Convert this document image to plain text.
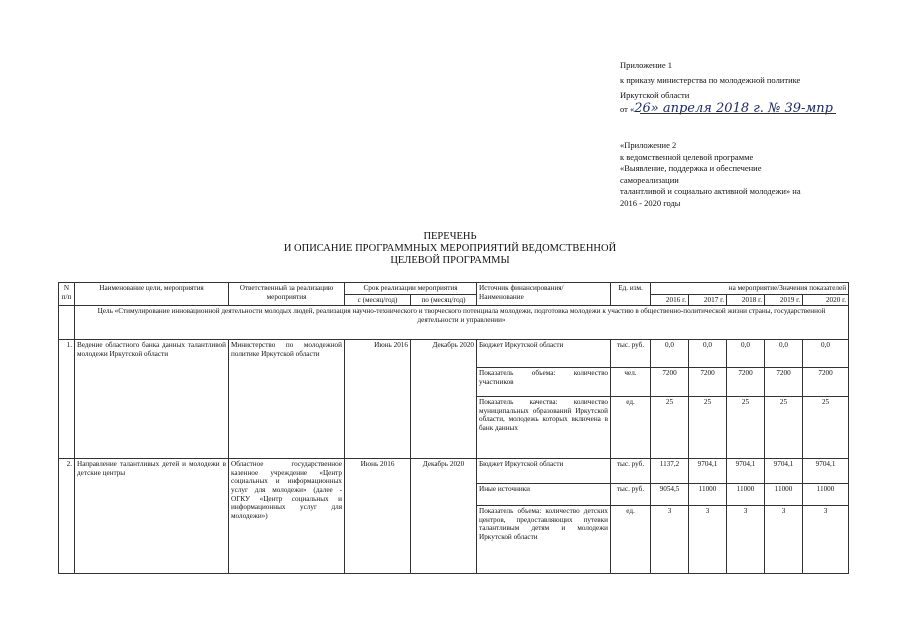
Приложение 1
к приказу министерства по молодежной политике
Иркутской области
от «26» апреля 2018 г. № 39-мпр
«Приложение 2
к ведомственной целевой программе
«Выявление, поддержка и обеспечение
самореализации
талантливой и социально активной молодежи» на
2016 - 2020 годы
ПЕРЕЧЕНЬ
И ОПИСАНИЕ ПРОГРАММНЫХ МЕРОПРИЯТИЙ ВЕДОМСТВЕННОЙ
ЦЕЛЕВОЙ ПРОГРАММЫ
N п/п	Наименование цели, мероприятия	Ответственный за реализацию мероприятия	Срок реализации мероприятия		Источник финансирования/Наименование	Ед. изм.	на мероприятие/Значения показателей				
			с (месяц/год)	по (месяц/год)			2016 г.	2017 г.	2018 г.	2019 г.	2020 г.
	Цель «Стимулирование инновационной деятельности молодых людей, реализация научно-технического и творческого потенциала молодежи, подготовка молодежи к участию в общественно-политической жизни страны, государственной деятельности и управлении»										
1.	Ведение областного банка данных талантливой молодежи Иркутской области	Министерство по молодежной политике Иркутской области	Июнь 2016	Декабрь 2020	Бюджет Иркутской области	тыс. руб.	0,0	0,0	0,0	0,0	0,0
					Показатель объема: количество участников	чел.	7200	7200	7200	7200	7200
					Показатель качества: количество муниципальных образований Иркутской области, молодежь которых включена в банк данных	ед.	25	25	25	25	25
2.	Направление талантливых детей и молодежи в детские центры	Областное государственное казенное учреждение «Центр социальных и информационных услуг для молодежи» (далее - ОГКУ «Центр социальных и информационных услуг для молодежи»)	Июнь 2016	Декабрь 2020	Бюджет Иркутской области	тыс. руб.	1137,2	9704,1	9704,1	9704,1	9704,1
					Иные источники	тыс. руб.	9054,5	11000	11000	11000	11000
					Показатель объема: количество детских центров, предоставляющих путевки талантливым детям и молодежи Иркутской области	ед.	3	3	3	3	3
